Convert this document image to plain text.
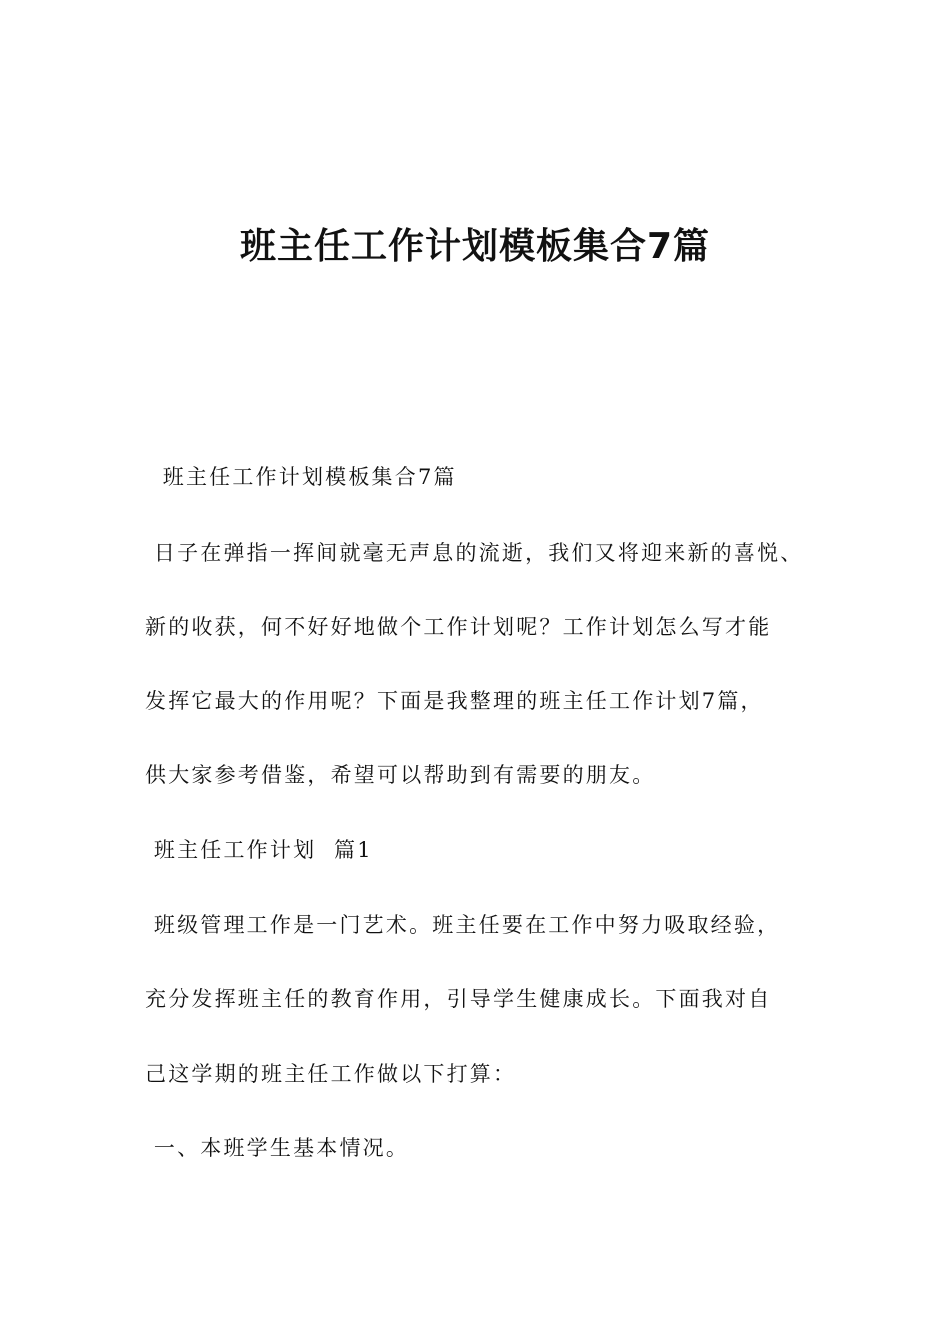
班主任工作计划模板集合7篇

班主任工作计划模板集合7篇

日子在弹指一挥间就毫无声息的流逝，我们又将迎来新的喜悦、

新的收获，何不好好地做个工作计划呢？工作计划怎么写才能

发挥它最大的作用呢？下面是我整理的班主任工作计划7篇，

供大家参考借鉴，希望可以帮助到有需要的朋友。

班主任工作计划  篇1

班级管理工作是一门艺术。班主任要在工作中努力吸取经验，

充分发挥班主任的教育作用，引导学生健康成长。下面我对自

己这学期的班主任工作做以下打算：

一、本班学生基本情况。
